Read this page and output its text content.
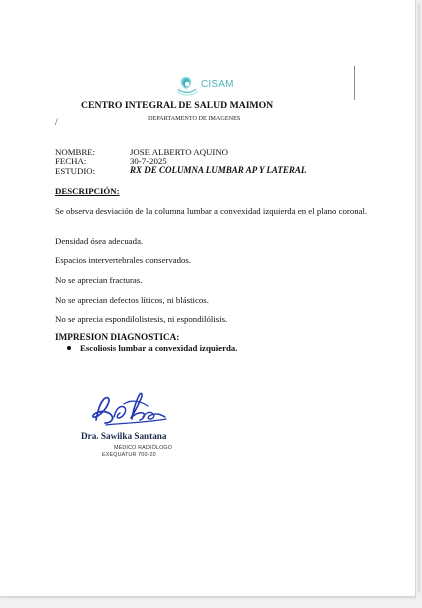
CISAM
CENTRO INTEGRAL DE SALUD MAIMON
/	DEPARTAMENTO DE IMAGENES
NOMBRE:	JOSE ALBERTO AQUINO
FECHA:	30-7-2025
ESTUDIO:	RX DE COLUMNA LUMBAR AP Y LATERAL
DESCRIPCIÓN:
Se observa desviación de la columna lumbar a convexidad izquierda en el plano coronal.
Densidad ósea adecuada.
Espacios intervertebrales conservados.
No se aprecian fracturas.
No se aprecian defectos líticos, ni blásticos.
No se aprecia espondilolistesis, ni espondilólisis.
IMPRESION DIAGNOSTICA:
Escoliosis lumbar a convexidad izquierda.
Dra. Sawilka Santana
MÉDICO RADIÓLOGO
EXEQUATUR 700-20
